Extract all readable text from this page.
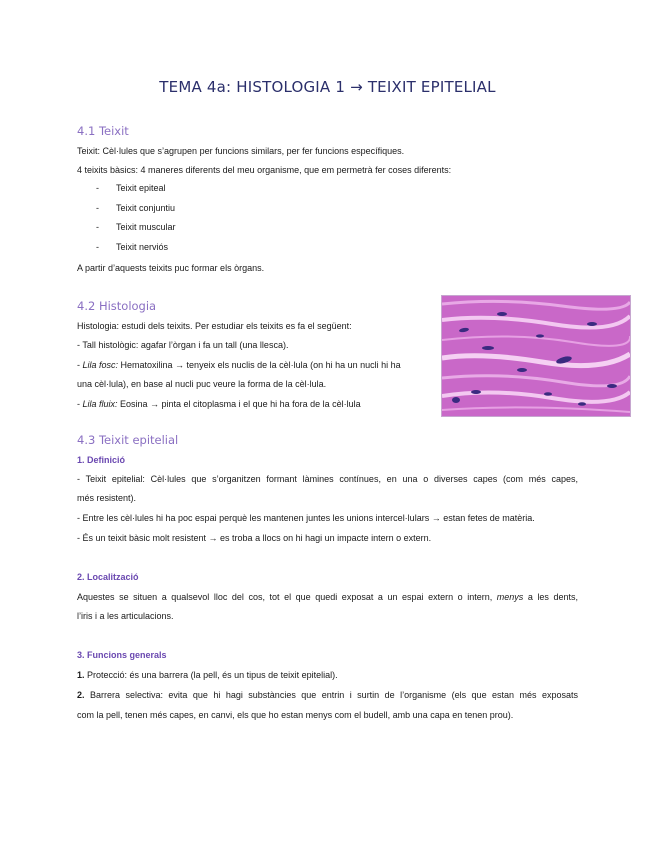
TEMA 4a: HISTOLOGIA 1 → TEIXIT EPITELIAL
4.1 Teixit
Teixit: Cèl·lules que s’agrupen per funcions similars, per fer funcions específiques.
4 teixits bàsics: 4 maneres diferents del meu organisme, que em permetrà fer coses diferents:
- Teixit epiteal
- Teixit conjuntiu
- Teixit muscular
- Teixit nerviós
A partir d’aquests teixits puc formar els òrgans.
4.2 Histologia
Histologia: estudi dels teixits. Per estudiar els teixits es fa el següent:
- Tall histològic: agafar l’òrgan i fa un tall (una llesca).
- Lila fosc: Hematoxilina → tenyeix els nuclis de la cèl·lula (on hi ha un nucli hi ha
una cèl·lula), en base al nucli puc veure la forma de la cèl·lula.
- Lila fluix: Eosina → pinta el citoplasma i el que hi ha fora de la cèl·lula
4.3 Teixit epitelial
1. Definició
- Teixit epitelial: Cèl·lules que s’organitzen formant làmines contínues, en una o diverses capes (com més capes,
més resistent).
- Entre les cèl·lules hi ha poc espai perquè les mantenen juntes les unions intercel·lulars → estan fetes de matèria.
- És un teixit bàsic molt resistent → es troba a llocs on hi hagi un impacte intern o extern.
2. Localització
Aquestes se situen a qualsevol lloc del cos, tot el que quedi exposat a un espai extern o intern, menys a les dents,
l’iris i a les articulacions.
3. Funcions generals
1. Protecció: és una barrera (la pell, és un tipus de teixit epitelial).
2. Barrera selectiva: evita que hi hagi substàncies que entrin i surtin de l’organisme (els que estan més exposats
com la pell, tenen més capes, en canvi, els que ho estan menys com el budell, amb una capa en tenen prou).
